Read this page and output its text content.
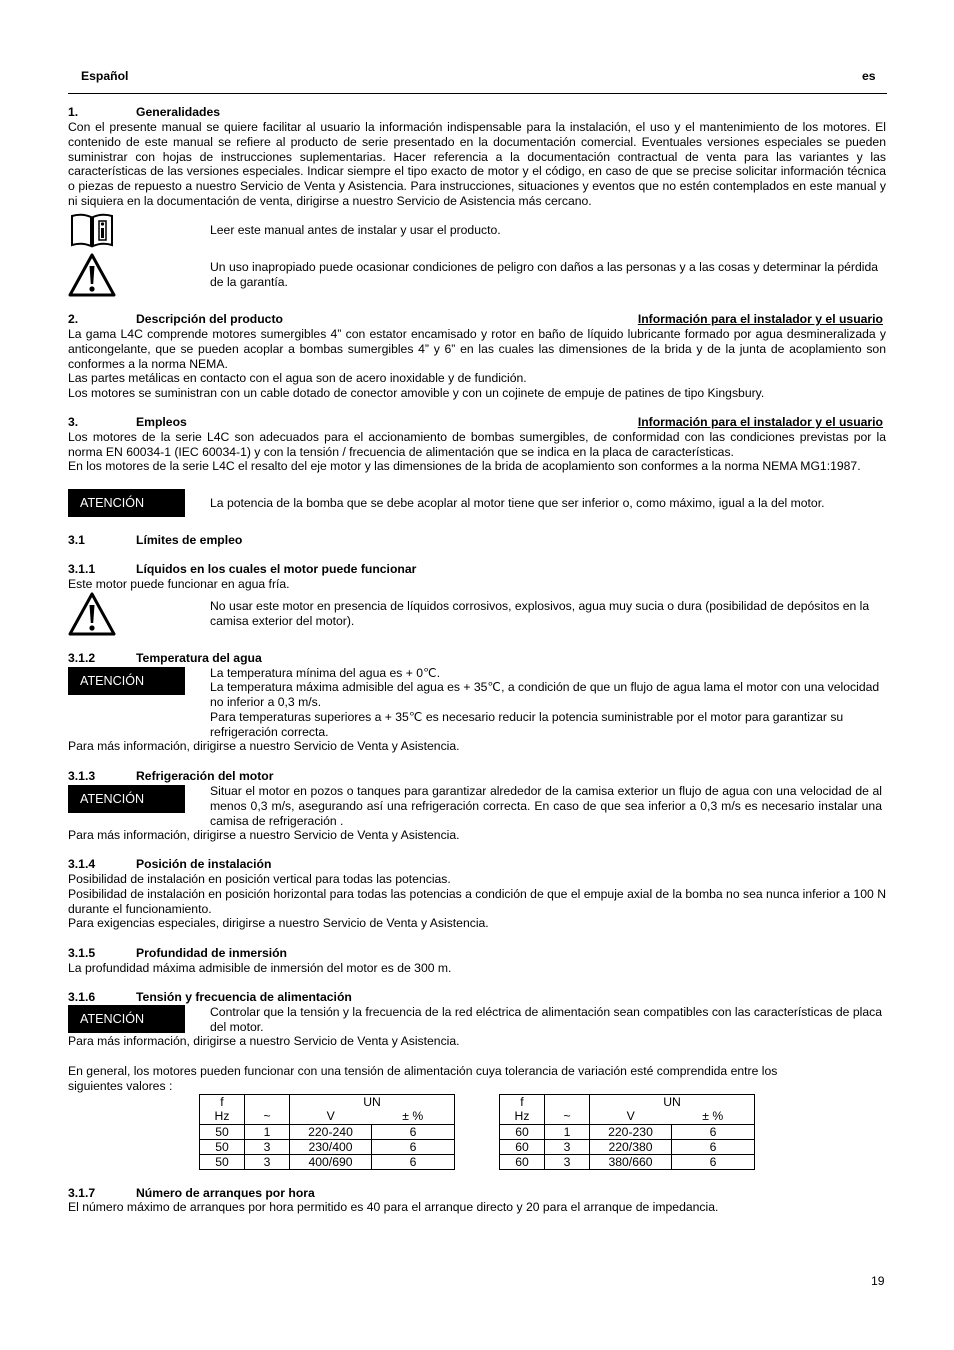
Español	es
1.	Generalidades
Con el presente manual se quiere facilitar al usuario la información indispensable para la instalación, el uso y el mantenimiento de los motores. El contenido de este manual se refiere al producto de serie presentado en la documentación comercial. Eventuales versiones especiales se pueden suministrar con hojas de instrucciones suplementarias. Hacer referencia a la documentación contractual de venta para las variantes y las características de las versiones especiales. Indicar siempre el tipo exacto de motor y el código, en caso de que se precise solicitar información técnica o piezas de repuesto a nuestro Servicio de Venta y Asistencia. Para instrucciones, situaciones y eventos que no estén contemplados en este manual y ni siquiera en la documentación de venta, dirigirse a nuestro Servicio de Asistencia más cercano.
Leer este manual antes de instalar y usar el producto.
Un uso inapropiado puede ocasionar condiciones de peligro con daños a las personas y a las cosas y determinar la pérdida de la garantía.
2.	Descripción del producto	Información para el instalador y el usuario
La gama L4C comprende motores sumergibles 4” con estator encamisado y rotor en baño de líquido lubricante formado por agua desmineralizada y anticongelante, que se pueden acoplar a bombas sumergibles 4” y 6” en las cuales las dimensiones de la brida y de la junta de acoplamiento son conformes a la norma NEMA.
Las partes metálicas en contacto con el agua son de acero inoxidable y de fundición.
Los motores se suministran con un cable dotado de conector amovible y con un cojinete de empuje de patines de tipo Kingsbury.
3.	Empleos	Información para el instalador y el usuario
Los motores de la serie L4C son adecuados para el accionamiento de bombas sumergibles, de conformidad con las condiciones previstas por la norma EN 60034-1 (IEC 60034-1) y con la tensión / frecuencia de alimentación que se indica en la placa de características.
En los motores de la serie L4C el resalto del eje motor y las dimensiones de la brida de acoplamiento son conformes a la norma NEMA MG1:1987.
ATENCIÓN	La potencia de la bomba que se debe acoplar al motor tiene que ser inferior o, como máximo, igual a la del motor.
3.1	Límites de empleo
3.1.1	Líquidos en los cuales el motor puede funcionar
Este motor puede funcionar en agua fría.
No usar este motor en presencia de líquidos corrosivos, explosivos, agua muy sucia o dura (posibilidad de depósitos en la camisa exterior del motor).
3.1.2	Temperatura del agua
ATENCIÓN
La temperatura mínima del agua es + 0℃.
La temperatura máxima admisible del agua es + 35℃, a condición de que un flujo de agua lama el motor con una velocidad no inferior a 0,3 m/s.
Para temperaturas superiores a + 35℃ es necesario reducir la potencia suministrable por el motor para garantizar su refrigeración correcta.
Para más información, dirigirse a nuestro Servicio de Venta y Asistencia.
3.1.3	Refrigeración del motor
ATENCIÓN
Situar el motor en pozos o tanques para garantizar alrededor de la camisa exterior un flujo de agua con una velocidad de al menos 0,3 m/s, asegurando así una refrigeración correcta. En caso de que sea inferior a 0,3 m/s es necesario instalar una camisa de refrigeración .
Para más información, dirigirse a nuestro Servicio de Venta y Asistencia.
3.1.4	Posición de instalación
Posibilidad de instalación en posición vertical para todas las potencias.
Posibilidad de instalación en posición horizontal para todas las potencias a condición de que el empuje axial de la bomba no sea nunca inferior a 100 N durante el funcionamiento.
Para exigencias especiales, dirigirse a nuestro Servicio de Venta y Asistencia.
3.1.5	Profundidad de inmersión
La profundidad máxima admisible de inmersión del motor es de 300 m.
3.1.6	Tensión y frecuencia de alimentación
ATENCIÓN	Controlar que la tensión y la frecuencia de la red eléctrica de alimentación sean compatibles con las características de placa del motor.
Para más información, dirigirse a nuestro Servicio de Venta y Asistencia.
En general, los motores pueden funcionar con una tensión de alimentación cuya tolerancia de variación esté comprendida entre los siguientes valores :
f		UN	
Hz	~	V	± %
50	1	220-240	6
50	3	230/400	6
50	3	400/690	6
f		UN	
Hz	~	V	± %
60	1	220-230	6
60	3	220/380	6
60	3	380/660	6
3.1.7	Número de arranques por hora
El número máximo de arranques por hora permitido es 40 para el arranque directo y 20 para el arranque de impedancia.
19
